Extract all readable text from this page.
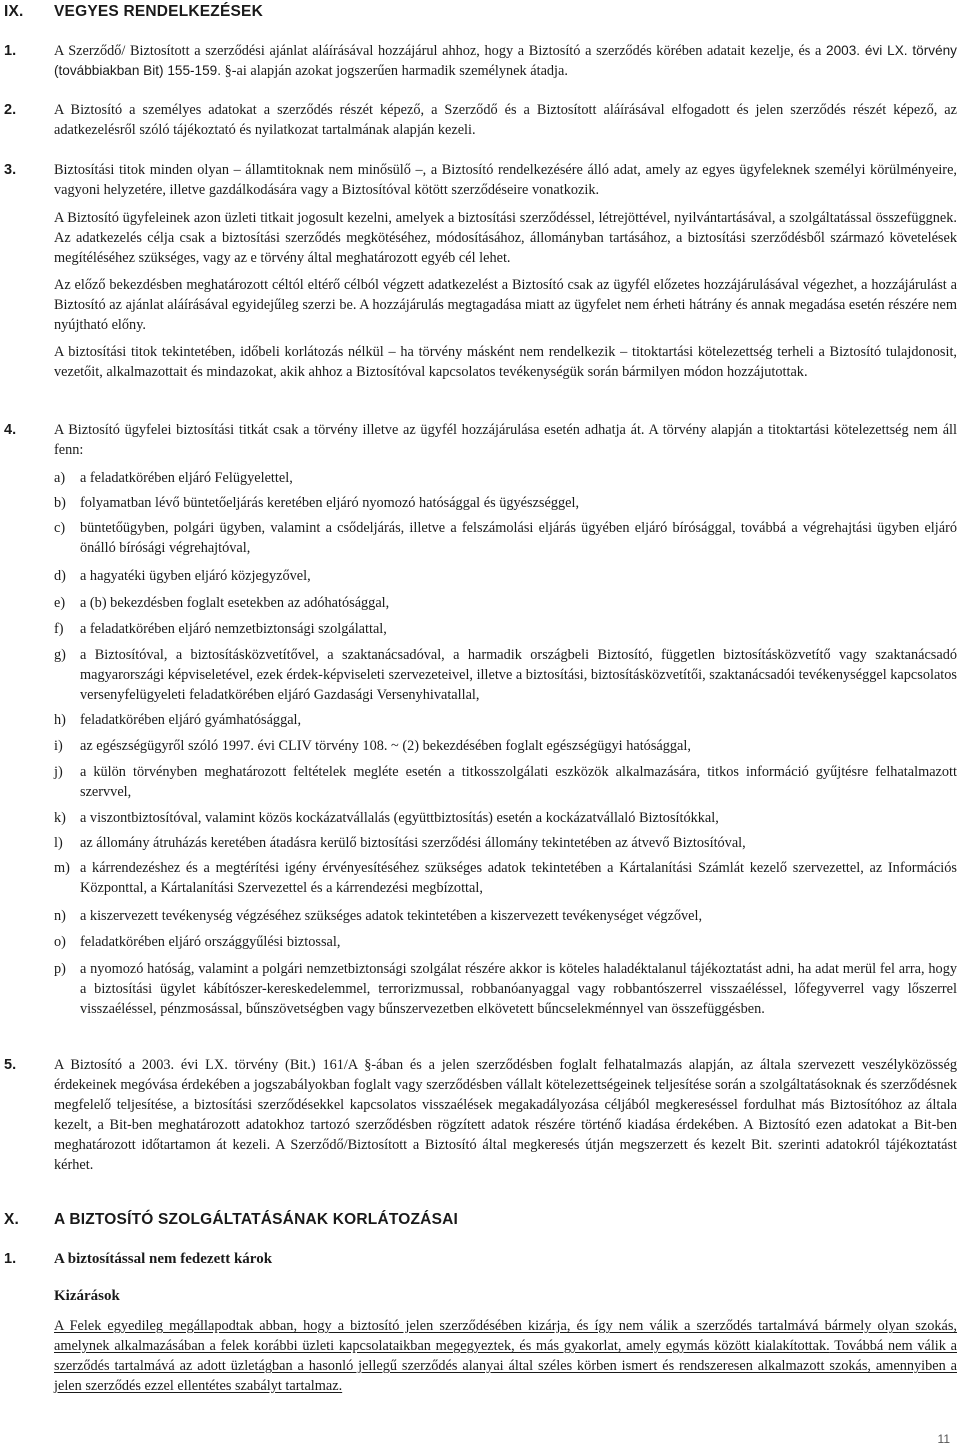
IX. VEGYES RENDELKEZÉSEK
1.	A Szerződő/ Biztosított a szerződési ajánlat aláírásával hozzájárul ahhoz, hogy a Biztosító a szerződés körében adatait kezelje, és a 2003. évi LX. törvény (továbbiakban Bit) 155-159. §-ai alapján azokat jogszerűen harmadik személynek átadja.
2.	A Biztosító a személyes adatokat a szerződés részét képező, a Szerződő és a Biztosított aláírásával elfogadott és jelen szerződés részét képező, az adatkezelésről szóló tájékoztató és nyilatkozat tartalmának alapján kezeli.
3.	Biztosítási titok minden olyan – államtitoknak nem minősülő –, a Biztosító rendelkezésére álló adat, amely az egyes ügyfeleknek személyi körülményeire, vagyoni helyzetére, illetve gazdálkodására vagy a Biztosítóval kötött szerződéseire vonatkozik.

A Biztosító ügyfeleinek azon üzleti titkait jogosult kezelni, amelyek a biztosítási szerződéssel, létrejöttével, nyilvántartásával, a szolgáltatással összefüggnek. Az adatkezelés célja csak a biztosítási szerződés megkötéséhez, módosításához, állományban tartásához, a biztosítási szerződésből származó követelések megítéléséhez szükséges, vagy az e törvény által meghatározott egyéb cél lehet.

Az előző bekezdésben meghatározott céltól eltérő célból végzett adatkezelést a Biztosító csak az ügyfél előzetes hozzájárulásával végezhet, a hozzájárulást a Biztosító az ajánlat aláírásával egyidejűleg szerzi be. A hozzájárulás megtagadása miatt az ügyfelet nem érheti hátrány és annak megadása esetén részére nem nyújtható előny.

A biztosítási titok tekintetében, időbeli korlátozás nélkül – ha törvény másként nem rendelkezik – titoktartási kötelezettség terheli a Biztosító tulajdonosit, vezetőit, alkalmazottait és mindazokat, akik ahhoz a Biztosítóval kapcsolatos tevékenységük során bármilyen módon hozzájutottak.

4.	A Biztosító ügyfelei biztosítási titkát csak a törvény illetve az ügyfél hozzájárulása esetén adhatja át. A törvény alapján a titoktartási kötelezettség nem áll fenn:
a) a feladatkörében eljáró Felügyelettel,
b) folyamatban lévő büntetőeljárás keretében eljáró nyomozó hatósággal és ügyészséggel,
c) büntetőügyben, polgári ügyben, valamint a csődeljárás, illetve a felszámolási eljárás ügyében eljáró bírósággal, továbbá a végrehajtási ügyben eljáró önálló bírósági végrehajtóval,
d) a hagyatéki ügyben eljáró közjegyzővel,
e) a (b) bekezdésben foglalt esetekben az adóhatósággal,
f) a feladatkörében eljáró nemzetbiztonsági szolgálattal,
g) a Biztosítóval, a biztosításközvetítővel, a szaktanácsadóval, a harmadik országbeli Biztosító, független biztosításközvetítő vagy szaktanácsadó magyarországi képviseletével, ezek érdek-képviseleti szervezeteivel, illetve a biztosítási, biztosításközvetítői, szaktanácsadói tevékenységgel kapcsolatos versenyfelügyeleti feladatkörében eljáró Gazdasági Versenyhivatallal,
h) feladatkörében eljáró gyámhatósággal,
i) az egészségügyről szóló 1997. évi CLIV törvény 108. ~ (2) bekezdésében foglalt egészségügyi hatósággal,
j) a külön törvényben meghatározott feltételek megléte esetén a titkosszolgálati eszközök alkalmazására, titkos információ gyűjtésre felhatalmazott szervvel,
k) a viszontbiztosítóval, valamint közös kockázatvállalás (együttbiztosítás) esetén a kockázatvállaló Biztosítókkal,
l) az állomány átruházás keretében átadásra kerülő biztosítási szerződési állomány tekintetében az átvevő Biztosítóval,
m) a kárrendezéshez és a megtérítési igény érvényesítéséhez szükséges adatok tekintetében a Kártalanítási Számlát kezelő szervezettel, az Információs Központtal, a Kártalanítási Szervezettel és a kárrendezési megbízottal,
n) a kiszervezett tevékenység végzéséhez szükséges adatok tekintetében a kiszervezett tevékenységet végzővel,
o) feladatkörében eljáró országgyűlési biztossal,
p) a nyomozó hatóság, valamint a polgári nemzetbiztonsági szolgálat részére akkor is köteles haladéktalanul tájékoztatást adni, ha adat merül fel arra, hogy a biztosítási ügylet kábítószer-kereskedelemmel, terrorizmussal, robbanóanyaggal vagy robbantószerrel visszaéléssel, lőfegyverrel vagy lőszerrel visszaéléssel, pénzmosással, bűnszövetségben vagy bűnszervezetben elkövetett bűncselekménnyel van összefüggésben.
5.	A Biztosító a 2003. évi LX. törvény (Bit.) 161/A §-ában és a jelen szerződésben foglalt felhatalmazás alapján, az általa szervezett veszélyközösség érdekeinek megóvása érdekében a jogszabályokban foglalt vagy szerződésben vállalt kötelezettségeinek teljesítése során a szolgáltatásoknak és szerződésnek megfelelő teljesítése, a biztosítási szerződésekkel kapcsolatos visszaélések megakadályozása céljából megkereséssel fordulhat más Biztosítóhoz az általa kezelt, a Bit-ben meghatározott adatokhoz tartozó szerződésben rögzített adatok részére történő kiadása érdekében. A Biztosító ezen adatokat a Bit-ben meghatározott időtartamon át kezeli. A Szerződő/Biztosított a Biztosító által megkeresés útján megszerzett és kezelt Bit. szerinti adatokról tájékoztatást kérhet.
X. A BIZTOSÍTÓ SZOLGÁLTATÁSÁNAK KORLÁTOZÁSAI
1.	A biztosítással nem fedezett károk
Kizárások

A Felek egyedileg megállapodtak abban, hogy a biztosító jelen szerződésében kizárja, és így nem válik a szerződés tartalmává bármely olyan szokás, amelynek alkalmazásában a felek korábbi üzleti kapcsolataikban megegyeztek, és más gyakorlat, amely egymás között kialakítottak. Továbbá nem válik a szerződés tartalmává az adott üzletágban a hasonló jellegű szerződés alanyai által széles körben ismert és rendszeresen alkalmazott szokás, amennyiben a jelen szerződés ezzel ellentétes szabályt tartalmaz.

11
